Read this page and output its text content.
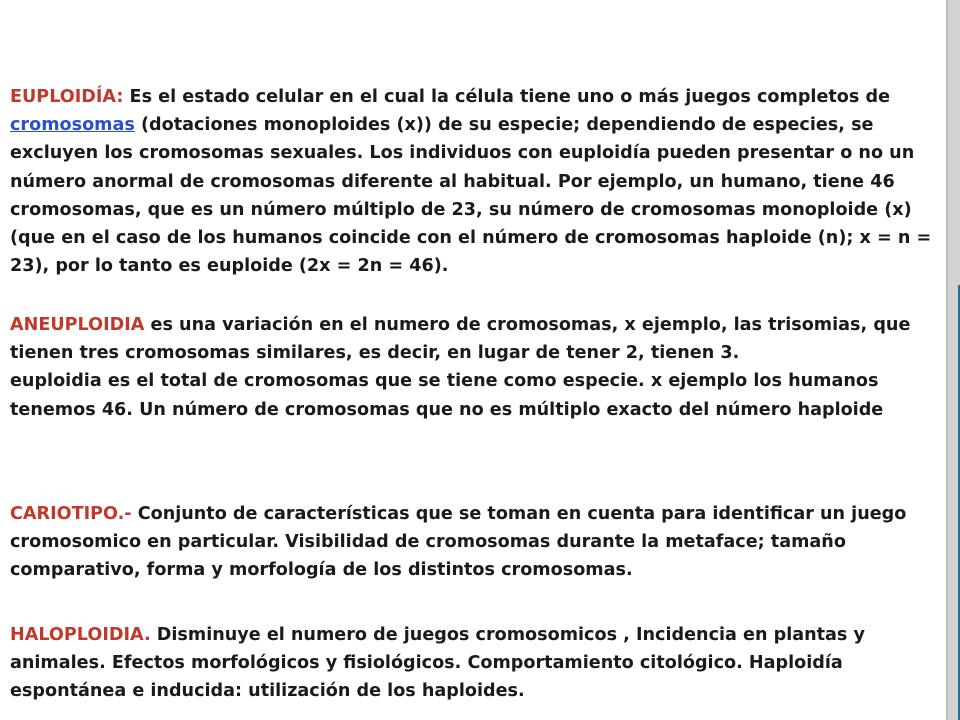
EUPLOIDÍA: Es el estado celular en el cual la célula tiene uno o más juegos completos de cromosomas (dotaciones monoploides (x)) de su especie; dependiendo de especies, se excluyen los cromosomas sexuales. Los individuos con euploidía pueden presentar o no un número anormal de cromosomas diferente al habitual. Por ejemplo, un humano, tiene 46 cromosomas, que es un número múltiplo de 23, su número de cromosomas monoploide (x) (que en el caso de los humanos coincide con el número de cromosomas haploide (n); x = n = 23), por lo tanto es euploide (2x = 2n = 46).

ANEUPLOIDIA es una variación en el numero de cromosomas, x ejemplo, las trisomias, que tienen tres cromosomas similares, es decir, en lugar de tener 2, tienen 3.
euploidia es el total de cromosomas que se tiene como especie. x ejemplo los humanos tenemos 46. Un número de cromosomas que no es múltiplo exacto del número haploide

CARIOTIPO.- Conjunto de características que se toman en cuenta para identificar un juego cromosomico en particular. Visibilidad de cromosomas durante la metaface; tamaño comparativo, forma y morfología de los distintos cromosomas.

HALOPLOIDIA. Disminuye el numero de juegos cromosomicos , Incidencia en plantas y animales. Efectos morfológicos y fisiológicos. Comportamiento citológico. Haploidía espontánea e inducida: utilización de los haploides.
